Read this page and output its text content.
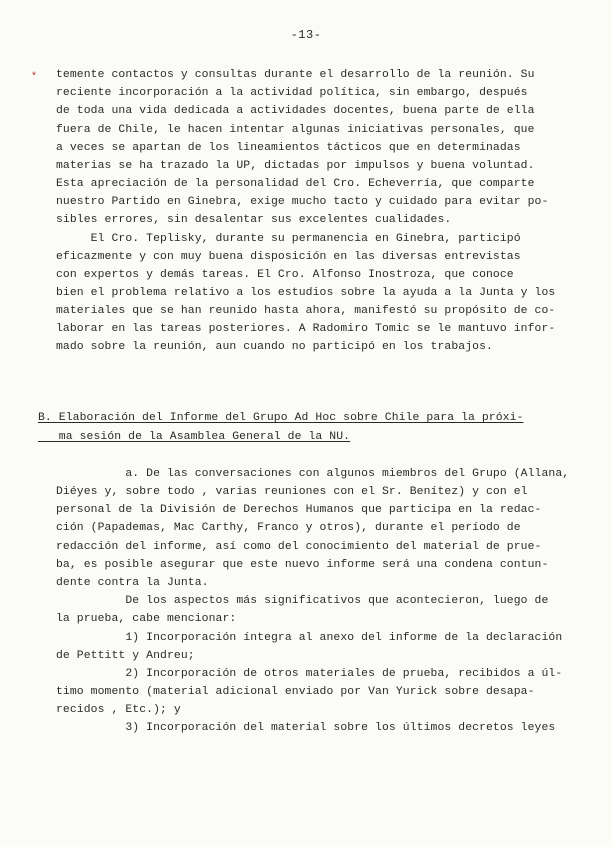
-13-
* temente contactos y consultas durante el desarrollo de la reunión. Su
reciente incorporación a la actividad política, sin embargo, después
de toda una vida dedicada a actividades docentes, buena parte de ella
fuera de Chile, le hacen intentar algunas iniciativas personales, que
a veces se apartan de los lineamientos tácticos que en determinadas
materias se ha trazado la UP, dictadas por impulsos y buena voluntad.
Esta apreciación de la personalidad del Cro. Echeverría, que comparte
nuestro Partido en Ginebra, exige mucho tacto y cuidado para evitar po-
sibles errores, sin desalentar sus excelentes cualidades.
El Cro. Teplisky, durante su permanencia en Ginebra, participó
eficazmente y con muy buena disposición en las diversas entrevistas
con expertos y demás tareas. El Cro. Alfonso Inostroza, que conoce
bien el problema relativo a los estudios sobre la ayuda a la Junta y los
materiales que se han reunido hasta ahora, manifestó su propósito de co-
laborar en las tareas posteriores. A Radomiro Tomic se le mantuvo infor-
mado sobre la reunión, aun cuando no participó en los trabajos.
B. Elaboración del Informe del Grupo Ad Hoc sobre Chile para la próxi-
ma sesión de la Asamblea General de la NU.
a. De las conversaciones con algunos miembros del Grupo (Allana,
Diéyes y, sobre todo , varias reuniones con el Sr. Benítez) y con el
personal de la División de Derechos Humanos que participa en la redac-
ción (Papademas, Mac Carthy, Franco y otros), durante el período de
redacción del informe, así como del conocimiento del material de prue-
ba, es posible asegurar que este nuevo informe será una condena contun-
dente contra la Junta.
De los aspectos más significativos que acontecieron, luego de
la prueba, cabe mencionar:
1) Incorporación íntegra al anexo del informe de la declaración
de Pettitt y Andreu;
2) Incorporación de otros materiales de prueba, recibidos a úl-
timo momento (material adicional enviado por Van Yurick sobre desapa-
recidos , Etc.); y
3) Incorporación del material sobre los últimos decretos leyes
